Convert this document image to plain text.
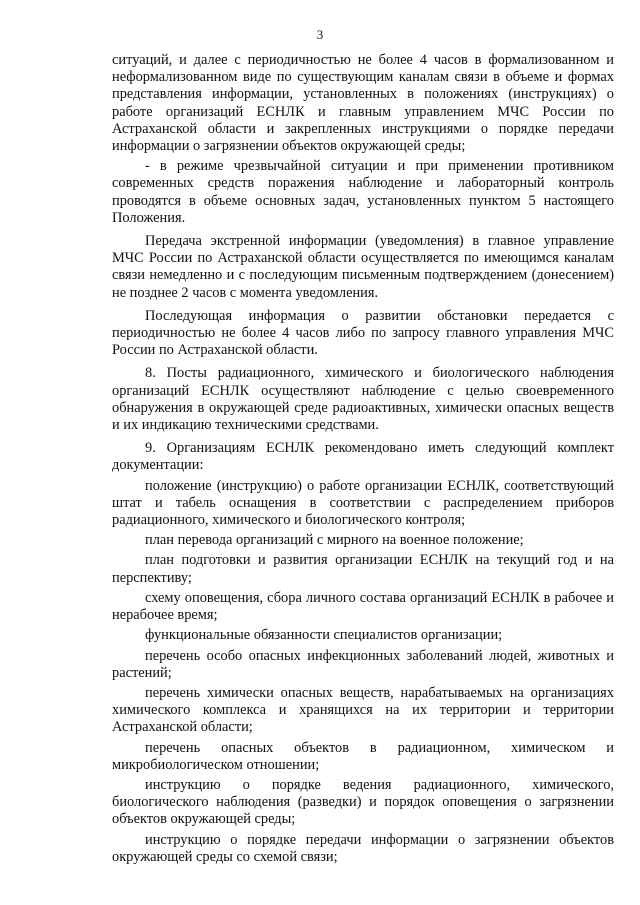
3

ситуаций, и далее с периодичностью не более 4 часов в формализованном и неформализованном виде по существующим каналам связи в объеме и формах представления информации, установленных в положениях (инструкциях) о работе организаций ЕСНЛК и главным управлением МЧС России по Астраханской области и закрепленных инструкциями о порядке передачи информации о загрязнении объектов окружающей среды;

- в режиме чрезвычайной ситуации и при применении противником современных средств поражения наблюдение и лабораторный контроль проводятся в объеме основных задач, установленных пунктом 5 настоящего Положения.

Передача экстренной информации (уведомления) в главное управление МЧС России по Астраханской области осуществляется по имеющимся каналам связи немедленно и с последующим письменным подтверждением (донесением) не позднее 2 часов с момента уведомления.

Последующая информация о развитии обстановки передается с периодичностью не более 4 часов либо по запросу главного управления МЧС России по Астраханской области.

8. Посты радиационного, химического и биологического наблюдения организаций ЕСНЛК осуществляют наблюдение с целью своевременного обнаружения в окружающей среде радиоактивных, химически опасных веществ и их индикацию техническими средствами.

9. Организациям ЕСНЛК рекомендовано иметь следующий комплект документации:

положение (инструкцию) о работе организации ЕСНЛК, соответствующий штат и табель оснащения в соответствии с распределением приборов радиационного, химического и биологического контроля;

план перевода организаций с мирного на военное положение;

план подготовки и развития организации ЕСНЛК на текущий год и на перспективу;

схему оповещения, сбора личного состава организаций ЕСНЛК в рабочее и нерабочее время;

функциональные обязанности специалистов организации;

перечень особо опасных инфекционных заболеваний людей, животных и растений;

перечень химически опасных веществ, нарабатываемых на организациях химического комплекса и хранящихся на их территории и территории Астраханской области;

перечень опасных объектов в радиационном, химическом и микробиологическом отношении;

инструкцию о порядке ведения радиационного, химического, биологического наблюдения (разведки) и порядок оповещения о загрязнении объектов окружающей среды;

инструкцию о порядке передачи информации о загрязнении объектов окружающей среды со схемой связи;
